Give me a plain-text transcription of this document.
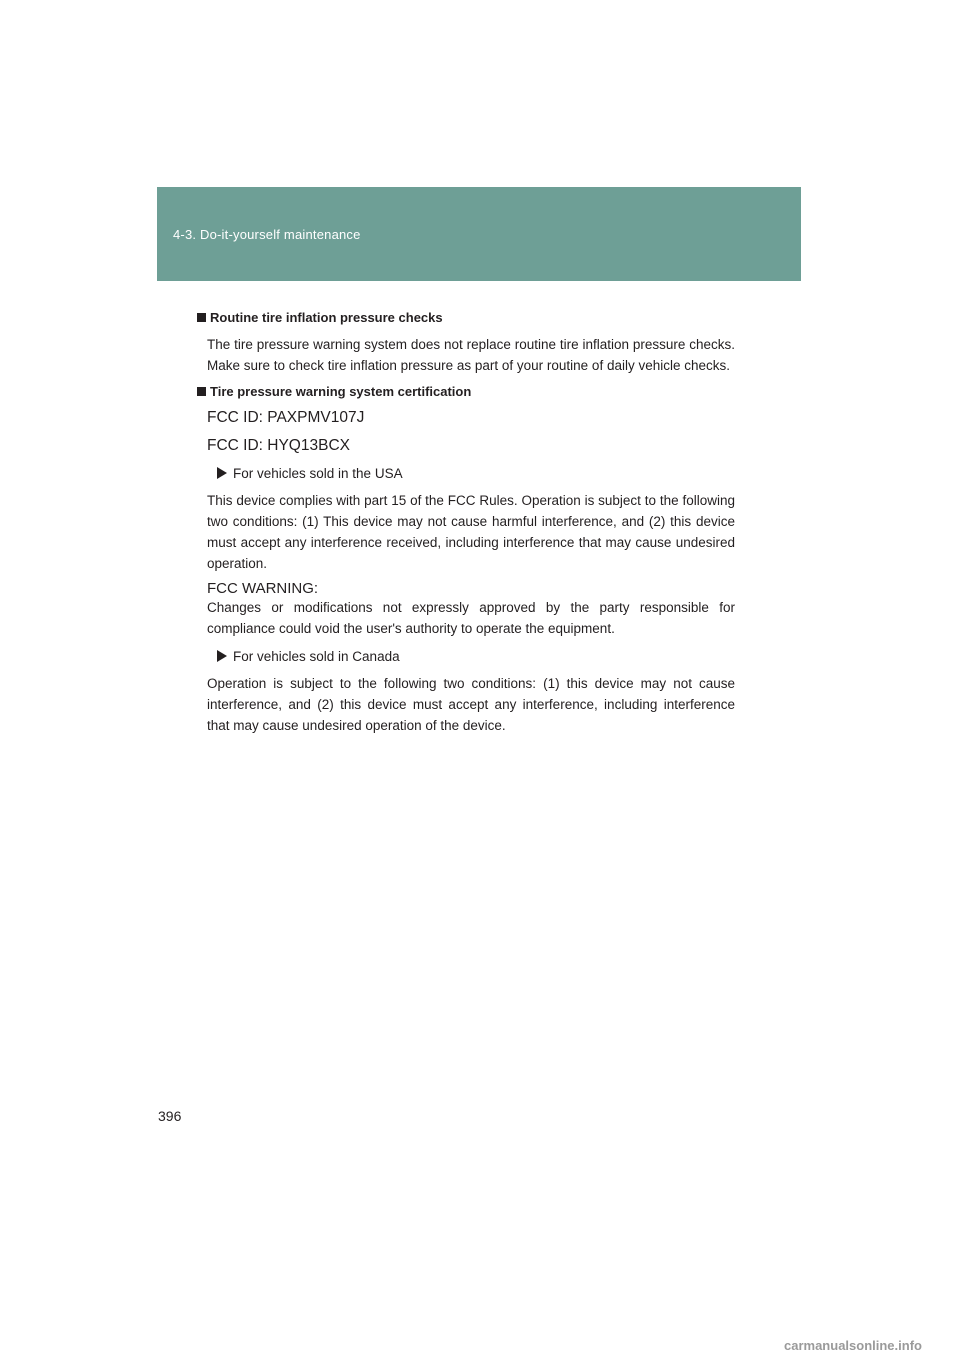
4-3. Do-it-yourself maintenance
Routine tire inflation pressure checks

The tire pressure warning system does not replace routine tire inflation pressure checks. Make sure to check tire inflation pressure as part of your routine of daily vehicle checks.

Tire pressure warning system certification

FCC ID: PAXPMV107J

FCC ID: HYQ13BCX

For vehicles sold in the USA

This device complies with part 15 of the FCC Rules. Operation is subject to the following two conditions: (1) This device may not cause harmful interference, and (2) this device must accept any interference received, including interference that may cause undesired operation.

FCC WARNING:

Changes or modifications not expressly approved by the party responsible for compliance could void the user's authority to operate the equipment.

For vehicles sold in Canada

Operation is subject to the following two conditions: (1) this device may not cause interference, and (2) this device must accept any interference, including interference that may cause undesired operation of the device.

396
carmanualsonline.info
